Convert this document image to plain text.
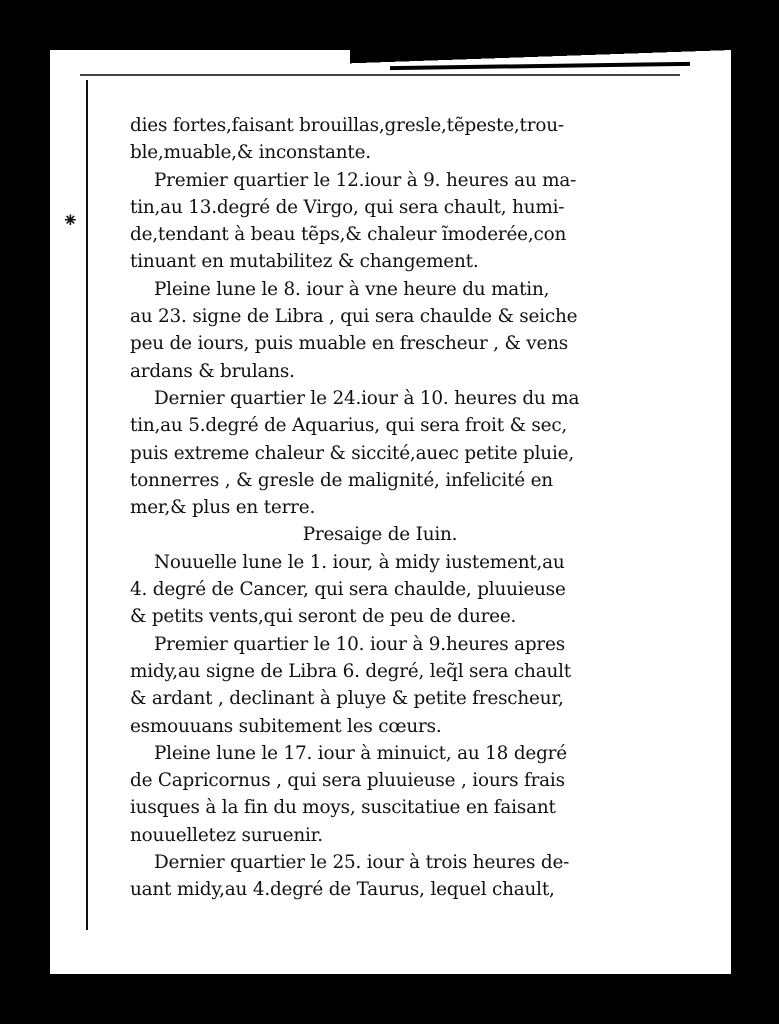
⁕
dies fortes,faisant brouillas,gresle,tẽpeste,trou-
ble,muable,& inconstante.
Premier quartier le 12.iour à 9. heures au ma-
tin,au 13.degré de Virgo, qui sera chault, humi-
de,tendant à beau tẽps,& chaleur ĩmoderée,con
tinuant en mutabilitez & changement.
Pleine lune le 8. iour à vne heure du matin,
au 23. signe de Libra , qui sera chaulde & seiche
peu de iours, puis muable en frescheur , & vens
ardans & brulans.
Dernier quartier le 24.iour à 10. heures du ma
tin,au 5.degré de Aquarius, qui sera froit & sec,
puis extreme chaleur & siccité,auec petite pluie,
tonnerres , & gresle de malignité, infelicité en
mer,& plus en terre.
Presaige de Iuin.
Nouuelle lune le 1. iour, à midy iustement,au
4. degré de Cancer, qui sera chaulde, pluuieuse
& petits vents,qui seront de peu de duree.
Premier quartier le 10. iour à 9.heures apres
midy,au signe de Libra 6. degré, leq̃l sera chault
& ardant , declinant à pluye & petite frescheur,
esmouuans subitement les cœurs.
Pleine lune le 17. iour à minuict, au 18 degré
de Capricornus , qui sera pluuieuse , iours frais
iusques à la fin du moys, suscitatiue en faisant
nouuelletez suruenir.
Dernier quartier le 25. iour à trois heures de-
uant midy,au 4.degré de Taurus, lequel chault,
